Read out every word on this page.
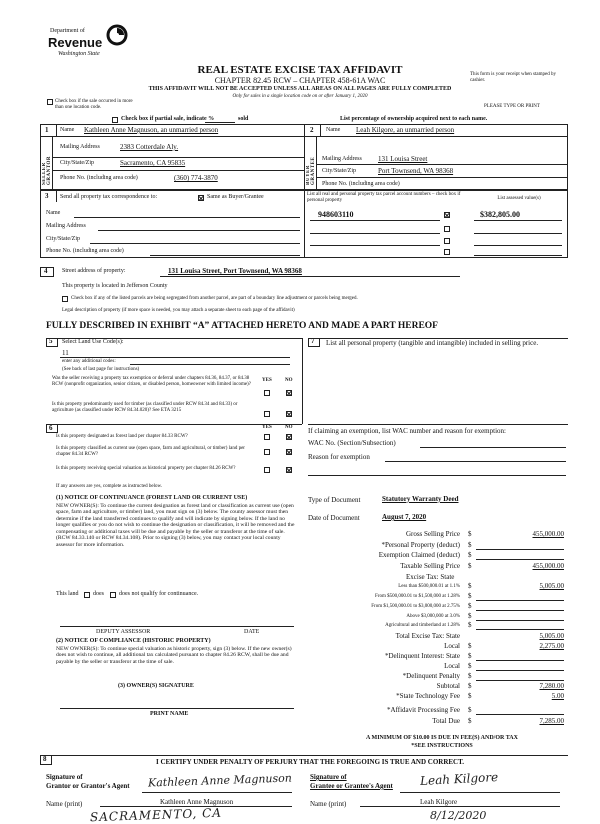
Department of
Revenue
Washington State
REAL ESTATE EXCISE TAX AFFIDAVIT
CHAPTER 82.45 RCW – CHAPTER 458-61A WAC
THIS AFFIDAVIT WILL NOT BE ACCEPTED UNLESS ALL AREAS ON ALL PAGES ARE FULLY COMPLETED
Only for sales in a single location code on or after January 1, 2020
This form is your receipt when stamped by cashier.
PLEASE TYPE OR PRINT
Check box if the sale occurred in more than one location code.
Check box if partial sale, indicate %	sold	List percentage of ownership acquired next to each name.
1 Name Kathleen Anne Magnuson, an unmarried person
SELLER GRANTOR
Mailing Address	2383 Cotterdale Aly.
City/State/Zip	Sacramento, CA 95835
Phone No. (including area code)	(360) 774-3870
2 Name Leah Kilgore, an unmarried person
BUYER GRANTEE Mailing Address 131 Louisa Street
City/State/Zip	Port Townsend, WA 98368
Phone No. (including area code)
3 Send all property tax correspondence to:	Same as Buyer/Grantee
Name
Mailing Address
City/State/Zip
Phone No. (including area code)
List all real and personal property tax parcel account numbers – check box if personal property	List assessed value(s)
948603110	$382,805.00
4 Street address of property:	131 Louisa Street, Port Townsend, WA 98368
This property is located in Jefferson County
Check box if any of the listed parcels are being segregated from another parcel, are part of a boundary line adjustment or parcels being merged.
Legal description of property (if more space is needed, you may attach a separate sheet to each page of the affidavit)
FULLY DESCRIBED IN EXHIBIT “A” ATTACHED HERETO AND MADE A PART HEREOF
5 Select Land Use Code(s):
11
enter any additional codes:
(See back of last page for instructions)
YES	NO
Was the seller receiving a property tax exemption or deferral under chapters 84.36, 84.37, or 84.38 RCW (nonprofit organization, senior citizen, or disabled person, homeowner with limited income)?
Is this property predominantly used for timber (as classified under RCW 84.34 and 84.33) or agriculture (as classified under RCW 84.34.020)? See ETA 3215
6	YES	NO
Is this property designated as forest land per chapter 84.33 RCW?
Is this property classified as current use (open space, farm and agricultural, or timber) land per chapter 84.34 RCW?
Is this property receiving special valuation as historical property per chapter 84.26 RCW?
If any answers are yes, complete as instructed below.
(1) NOTICE OF CONTINUANCE (FOREST LAND OR CURRENT USE)
NEW OWNER(S): To continue the current designation as forest land or classification as current use (open space, farm and agriculture, or timber) land, you must sign on (3) below. The county assessor must then determine if the land transferred continues to qualify and will indicate by signing below. If the land no longer qualifies or you do not wish to continue the designation or classification, it will be removed and the compensating or additional taxes will be due and payable by the seller or transferor at the time of sale. (RCW 84.33.140 or RCW 84.34.108). Prior to signing (3) below, you may contact your local county assessor for more information.
This land does	does not qualify for continuance.
DEPUTY ASSESSOR	DATE
(2) NOTICE OF COMPLIANCE (HISTORIC PROPERTY)
NEW OWNER(S): To continue special valuation as historic property, sign (3) below. If the new owner(s) does not wish to continue, all additional tax calculated pursuant to chapter 84.26 RCW, shall be due and payable by the seller or transferor at the time of sale.
(3) OWNER(S) SIGNATURE
PRINT NAME
7 List all personal property (tangible and intangible) included in selling price.
If claiming an exemption, list WAC number and reason for exemption:
WAC No. (Section/Subsection)
Reason for exemption
Type of Document	Statutory Warranty Deed
Date of Document	August 7, 2020
Gross Selling Price $	455,000.00
*Personal Property (deduct) $
Exemption Claimed (deduct) $
Taxable Selling Price $	455,000.00
Excise Tax: State
Less than $500,000.01 at 1.1% $	5,005.00
From $500,000.01 to $1,500,000 at 1.28% $
From $1,500,000.01 to $3,000,000 at 2.75% $
Above $3,000,000 at 3.0% $
Agricultural and timberland at 1.28% $
Total Excise Tax: State	5,005.00
Local $	2,275.00
*Delinquent Interest: State $
Local $
*Delinquent Penalty $
Subtotal $	7,280.00
*State Technology Fee $	5.00
*Affidavit Processing Fee $
Total Due $	7,285.00
A MINIMUM OF $10.00 IS DUE IN FEE(S) AND/OR TAX
*SEE INSTRUCTIONS
8	I CERTIFY UNDER PENALTY OF PERJURY THAT THE FOREGOING IS TRUE AND CORRECT.
Signature of
Grantor or Grantor's Agent Kathleen Anne Magnuson	Signature of
Grantee or Grantee's Agent Leah Kilgore
Name (print)	Kathleen Anne Magnuson	Name (print)	Leah Kilgore
SACRAMENTO, CA	8/12/2020
